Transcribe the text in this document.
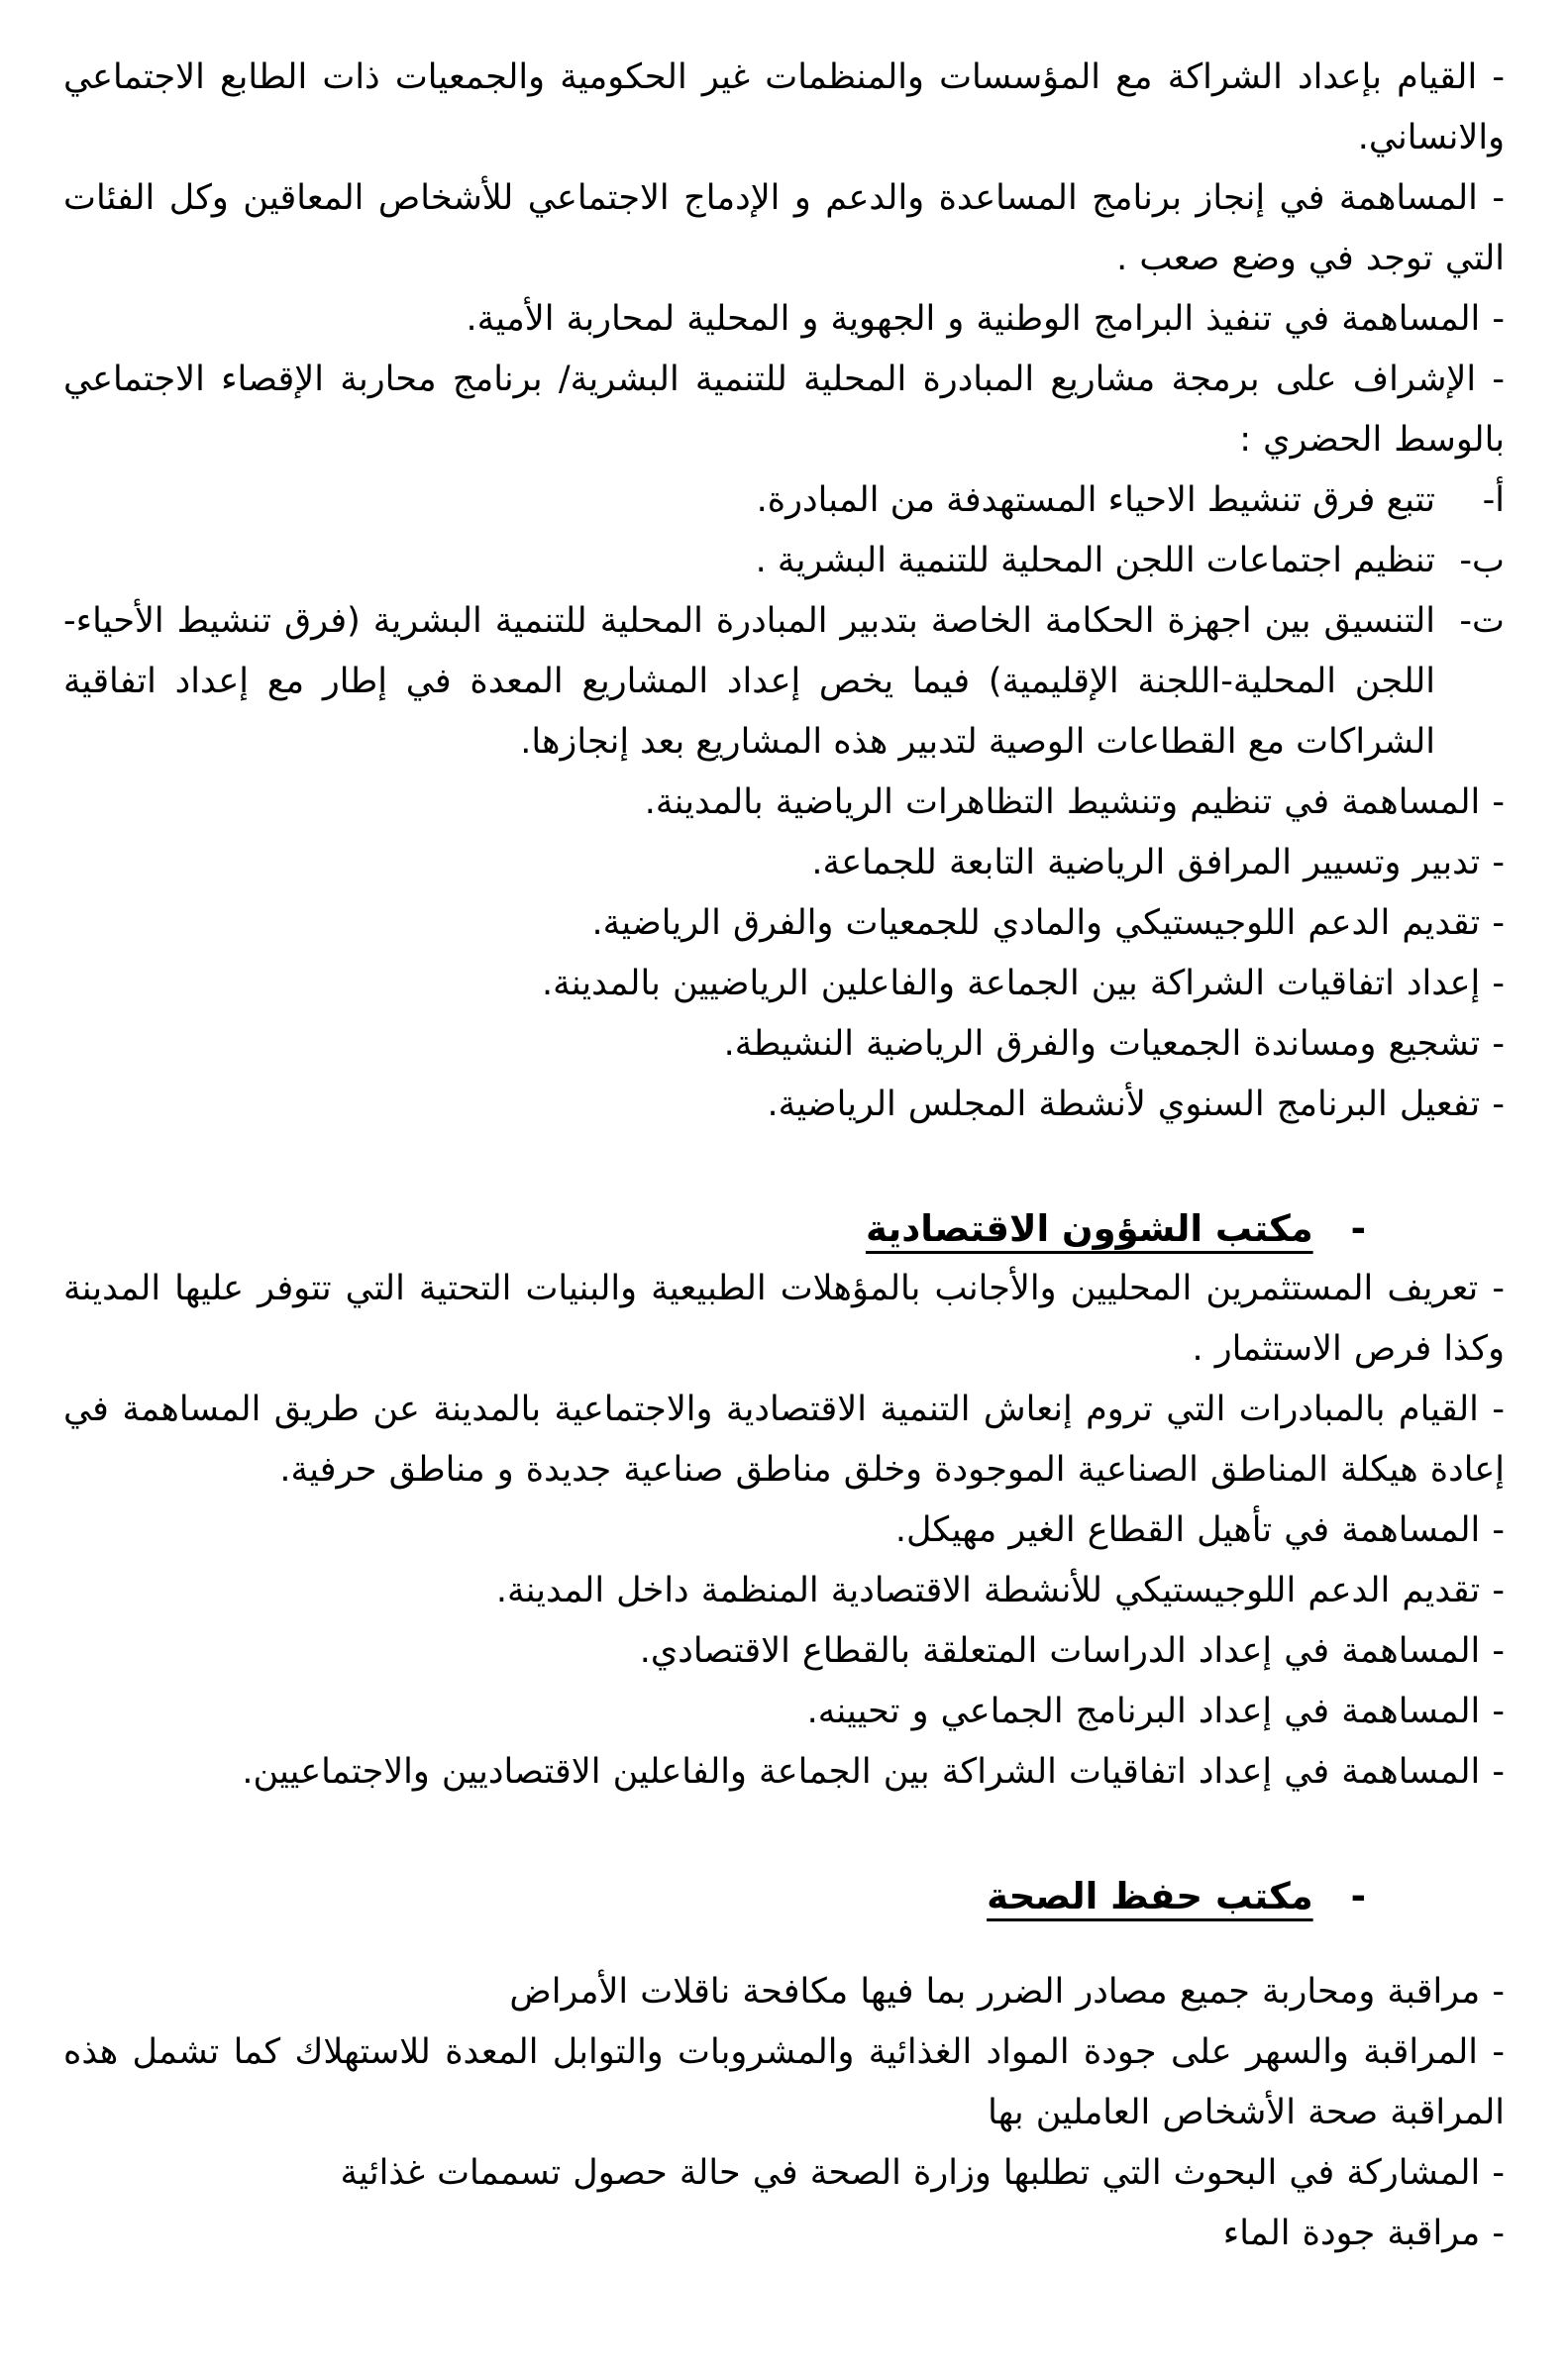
- القيام بإعداد الشراكة مع المؤسسات والمنظمات غير الحكومية والجمعيات ذات الطابع الاجتماعي والانساني.

- المساهمة في إنجاز برنامج المساعدة والدعم و الإدماج الاجتماعي للأشخاص المعاقين وكل الفئات التي توجد في وضع صعب .

- المساهمة في تنفيذ البرامج الوطنية و الجهوية و المحلية لمحاربة الأمية.

- الإشراف على برمجة مشاريع المبادرة المحلية للتنمية البشرية/ برنامج محاربة الإقصاء الاجتماعي بالوسط الحضري :

أ-
تتبع فرق تنشيط الاحياء المستهدفة من المبادرة.
ب-
تنظيم اجتماعات اللجن المحلية للتنمية البشرية .
ت-
التنسيق بين اجهزة الحكامة الخاصة بتدبير المبادرة المحلية للتنمية البشرية (فرق تنشيط الأحياء- اللجن المحلية-اللجنة الإقليمية) فيما يخص إعداد المشاريع المعدة في إطار مع إعداد اتفاقية الشراكات مع القطاعات الوصية لتدبير هذه المشاريع بعد إنجازها.

- المساهمة في تنظيم وتنشيط التظاهرات الرياضية بالمدينة.

- تدبير وتسيير المرافق الرياضية التابعة للجماعة.

- تقديم الدعم اللوجيستيكي والمادي للجمعيات والفرق الرياضية.

- إعداد اتفاقيات الشراكة بين الجماعة والفاعلين الرياضيين بالمدينة.

- تشجيع ومساندة الجمعيات والفرق الرياضية النشيطة.

- تفعيل البرنامج السنوي لأنشطة المجلس الرياضية.

-
مكتب الشؤون الاقتصادية

- تعريف المستثمرين المحليين والأجانب بالمؤهلات الطبيعية والبنيات التحتية التي تتوفر عليها المدينة وكذا فرص الاستثمار .

- القيام بالمبادرات التي تروم إنعاش التنمية الاقتصادية والاجتماعية بالمدينة عن طريق المساهمة في إعادة هيكلة المناطق الصناعية الموجودة وخلق مناطق صناعية جديدة و مناطق حرفية.

- المساهمة في تأهيل القطاع الغير مهيكل.

- تقديم الدعم اللوجيستيكي للأنشطة الاقتصادية المنظمة داخل المدينة.

- المساهمة في إعداد الدراسات المتعلقة بالقطاع الاقتصادي.

- المساهمة في إعداد البرنامج الجماعي و تحيينه.

- المساهمة في إعداد اتفاقيات الشراكة بين الجماعة والفاعلين الاقتصاديين والاجتماعيين.

-
مكتب حفظ الصحة

- مراقبة ومحاربة جميع مصادر الضرر بما فيها مكافحة ناقلات الأمراض

- المراقبة والسهر على جودة المواد الغذائية والمشروبات والتوابل المعدة للاستهلاك كما تشمل هذه المراقبة صحة الأشخاص العاملين بها

- المشاركة في البحوث التي تطلبها وزارة الصحة في حالة حصول تسممات غذائية

- مراقبة جودة الماء
